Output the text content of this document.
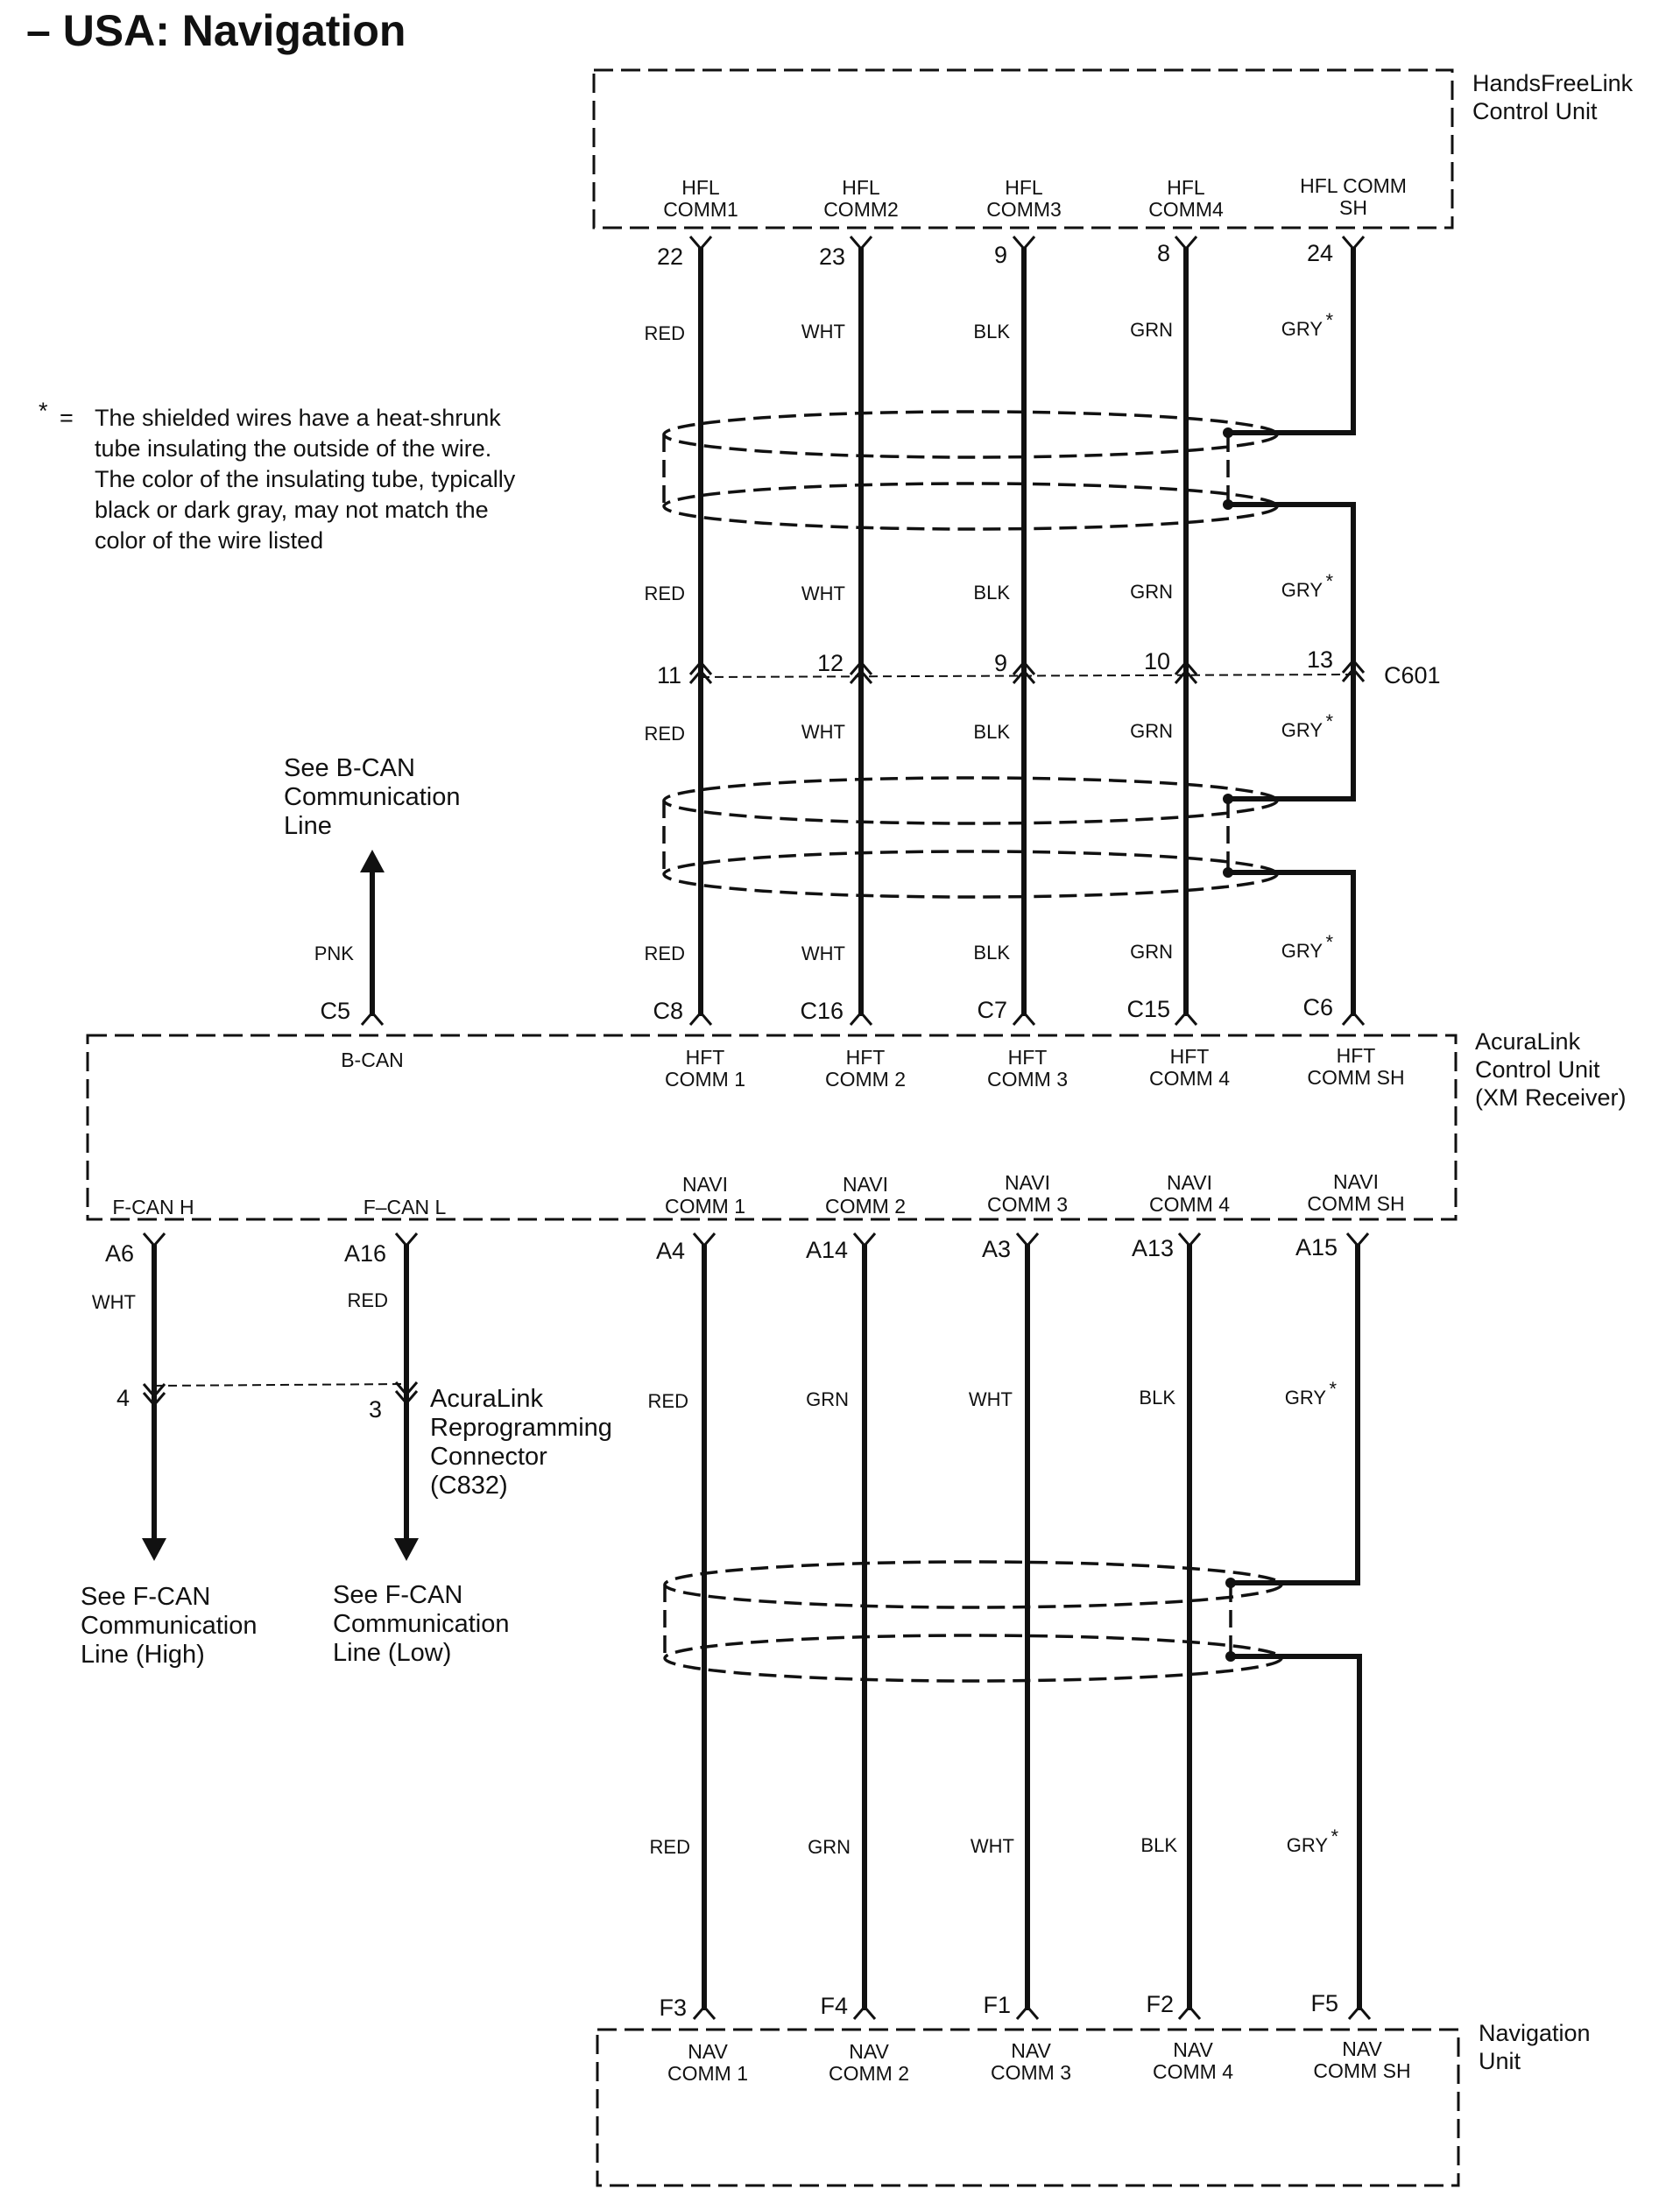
– USA: Navigation
* = The shielded wires have a heat-shrunk
tube insulating the outside of the wire.
The color of the insulating tube, typically
black or dark gray, may not match the
color of the wire listed
HandsFreeLink
Control Unit
HFL
COMM1
HFL
COMM2
HFL
COMM3
HFL
COMM4
HFL COMM
SH
22	23	9	8	24
RED	WHT	BLK	GRN	GRY *
RED	WHT	BLK	GRN	GRY *
11	12	9	10	13
C601
RED	WHT	BLK	GRN	GRY *
RED	WHT	BLK	GRN	GRY *
C5	C8	C16	C7	C15	C6
PNK
See B-CAN
Communication
Line
AcuraLink
Control Unit
(XM Receiver)
B-CAN	HFT
COMM 1
HFT
COMM 2
HFT
COMM 3
HFT
COMM 4
HFT
COMM SH
F-CAN H	F–CAN L
NAVI
COMM 1
NAVI
COMM 2
NAVI
COMM 3
NAVI
COMM 4
NAVI
COMM SH
A6	A16	A4	A14	A3	A13	A15
WHT	RED
4	3 AcuraLink
Reprogramming
Connector
(C832)
See F-CAN
Communication
Line (High)
See F-CAN
Communication
Line (Low)
RED	GRN	WHT	BLK	GRY *
RED	GRN	WHT	BLK	GRY *
F3	F4	F1	F2	F5
Navigation
Unit
NAV
COMM 1
NAV
COMM 2
NAV
COMM 3
NAV
COMM 4
NAV
COMM SH
